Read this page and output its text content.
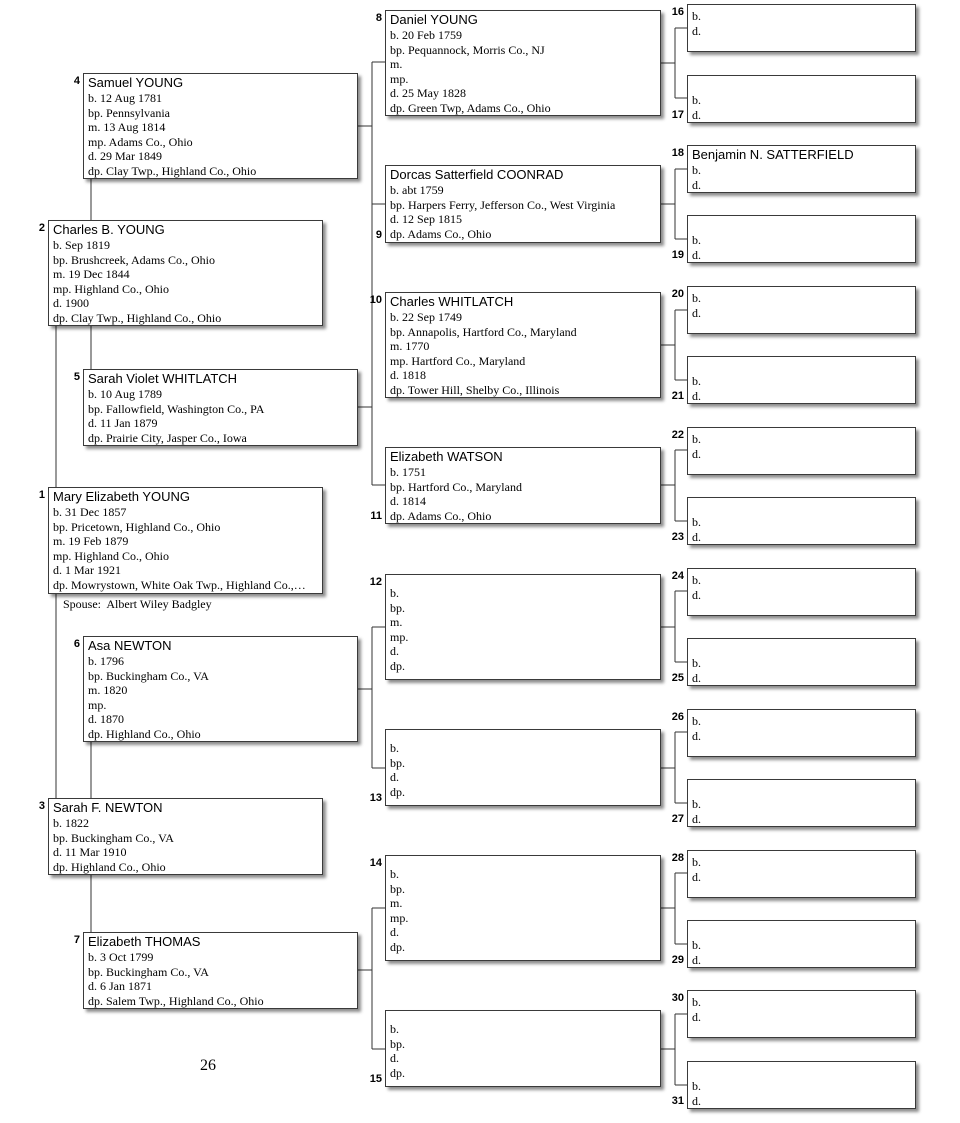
Mary Elizabeth YOUNG
b. 31 Dec 1857
bp. Pricetown, Highland Co., Ohio
m. 19 Feb 1879
mp. Highland Co., Ohio
d. 1 Mar 1921
dp. Mowrystown, White Oak Twp., Highland Co.,…
1
Charles B. YOUNG
b. Sep 1819
bp. Brushcreek, Adams Co., Ohio
m. 19 Dec 1844
mp. Highland Co., Ohio
d. 1900
dp. Clay Twp., Highland Co., Ohio
2
Sarah F. NEWTON
b. 1822
bp. Buckingham Co., VA
d. 11 Mar 1910
dp. Highland Co., Ohio
3
Samuel YOUNG
b. 12 Aug 1781
bp. Pennsylvania
m. 13 Aug 1814
mp. Adams Co., Ohio
d. 29 Mar 1849
dp. Clay Twp., Highland Co., Ohio
4
Sarah Violet WHITLATCH
b. 10 Aug 1789
bp. Fallowfield, Washington Co., PA
d. 11 Jan 1879
dp. Prairie City, Jasper Co., Iowa
5
Asa NEWTON
b. 1796
bp. Buckingham Co., VA
m. 1820
mp.
d. 1870
dp. Highland Co., Ohio
6
Elizabeth THOMAS
b. 3 Oct 1799
bp. Buckingham Co., VA
d. 6 Jan 1871
dp. Salem Twp., Highland Co., Ohio
7
Daniel YOUNG
b. 20 Feb 1759
bp. Pequannock, Morris Co., NJ
m.
mp.
d. 25 May 1828
dp. Green Twp, Adams Co., Ohio
8
Dorcas Satterfield COONRAD
b. abt 1759
bp. Harpers Ferry, Jefferson Co., West Virginia
d. 12 Sep 1815
dp. Adams Co., Ohio
9
Charles WHITLATCH
b. 22 Sep 1749
bp. Annapolis, Hartford Co., Maryland
m. 1770
mp. Hartford Co., Maryland
d. 1818
dp. Tower Hill, Shelby Co., Illinois
10
Elizabeth WATSON
b. 1751
bp. Hartford Co., Maryland
d. 1814
dp. Adams Co., Ohio
11
b.
bp.
m.
mp.
d.
dp.
12
b.
bp.
d.
dp.
13
b.
bp.
m.
mp.
d.
dp.
14
b.
bp.
d.
dp.
15
b.
d.
16
b.
d.
17
Benjamin N. SATTERFIELD
b.
d.
18
b.
d.
19
b.
d.
20
b.
d.
21
b.
d.
22
b.
d.
23
b.
d.
24
b.
d.
25
b.
d.
26
b.
d.
27
b.
d.
28
b.
d.
29
b.
d.
30
b.
d.
31
Spouse: Albert Wiley Badgley
26
